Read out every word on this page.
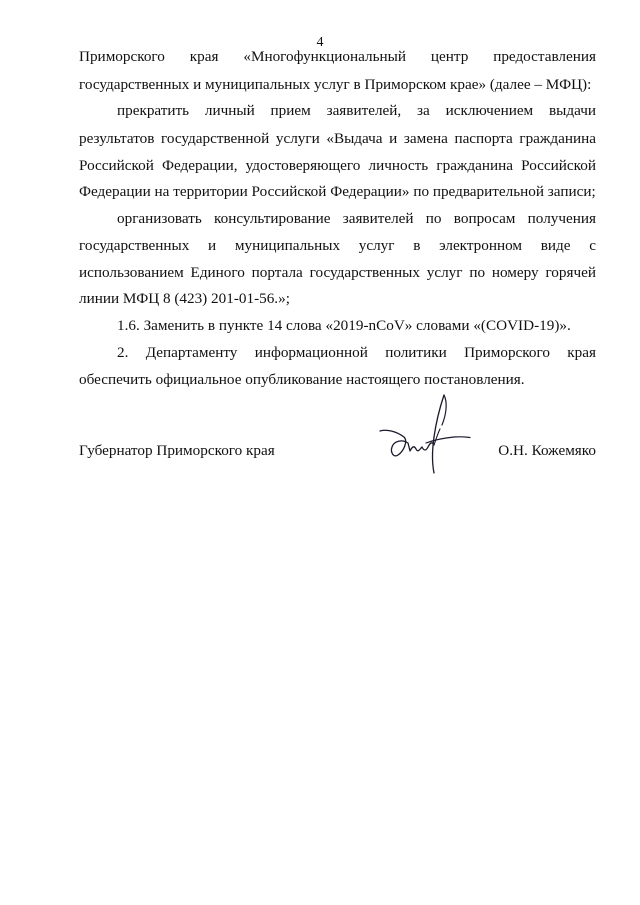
4
Приморского края «Многофункциональный центр предоставления
государственных и муниципальных услуг в Приморском крае» (далее – МФЦ):
прекратить личный прием заявителей, за исключением выдачи
результатов государственной услуги «Выдача и замена паспорта гражданина
Российской Федерации, удостоверяющего личность гражданина Российской
Федерации на территории Российской Федерации» по предварительной записи;
организовать консультирование заявителей по вопросам получения
государственных и муниципальных услуг в электронном виде с
использованием Единого портала государственных услуг по номеру горячей
линии МФЦ 8 (423) 201-01-56.»;
1.6. Заменить в пункте 14 слова «2019-nCoV» словами «(COVID-19)».
2. Департаменту информационной политики Приморского края
обеспечить официальное опубликование настоящего постановления.
Губернатор Приморского края	О.Н. Кожемяко
